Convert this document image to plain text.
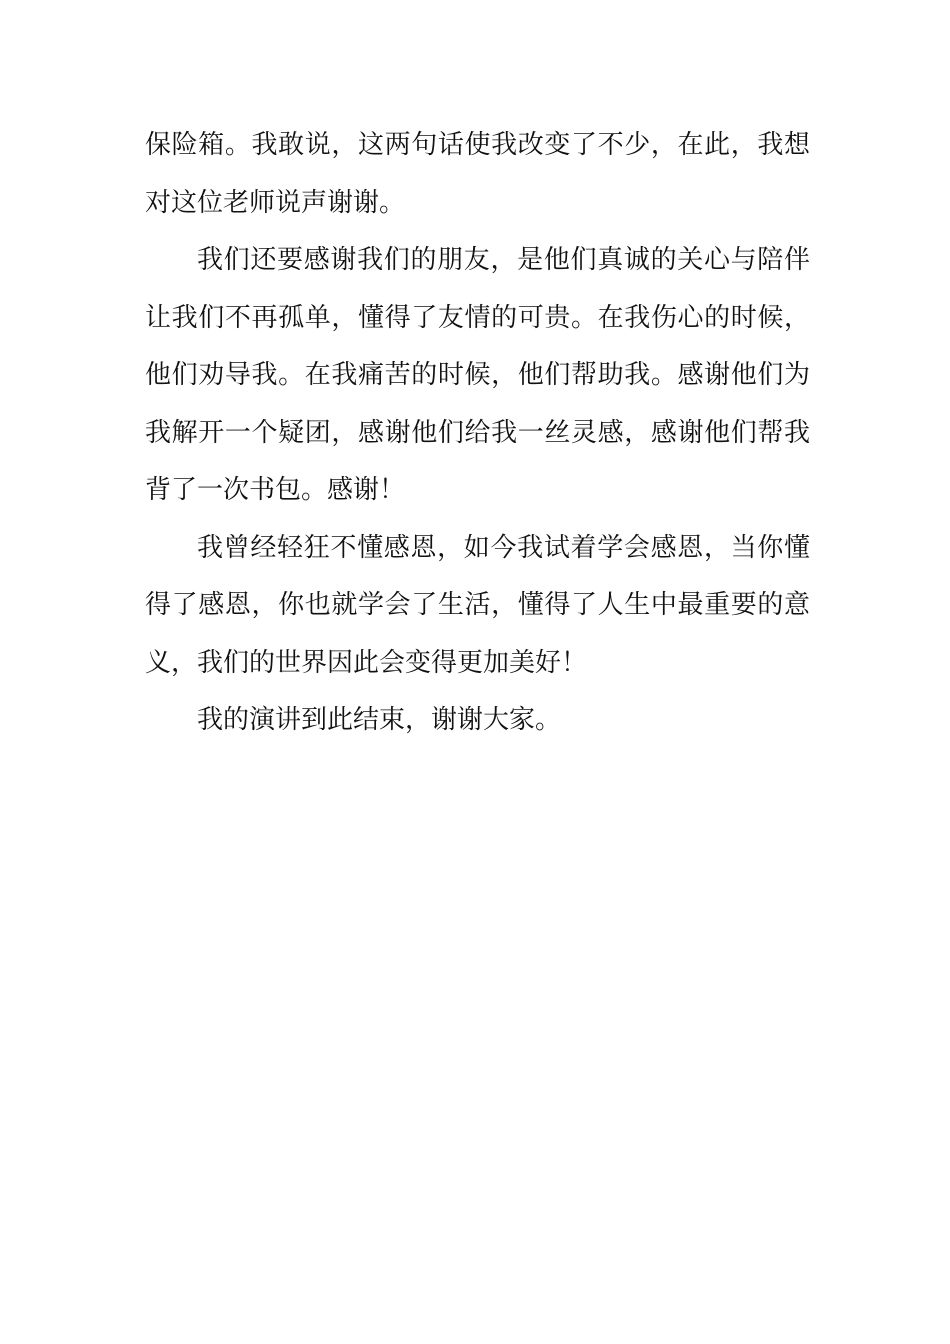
保险箱。我敢说，这两句话使我改变了不少，在此，我想
对这位老师说声谢谢。
我们还要感谢我们的朋友，是他们真诚的关心与陪伴
让我们不再孤单，懂得了友情的可贵。在我伤心的时候，
他们劝导我。在我痛苦的时候，他们帮助我。感谢他们为
我解开一个疑团，感谢他们给我一丝灵感，感谢他们帮我
背了一次书包。感谢！
我曾经轻狂不懂感恩，如今我试着学会感恩，当你懂
得了感恩，你也就学会了生活，懂得了人生中最重要的意
义，我们的世界因此会变得更加美好！
我的演讲到此结束，谢谢大家。
